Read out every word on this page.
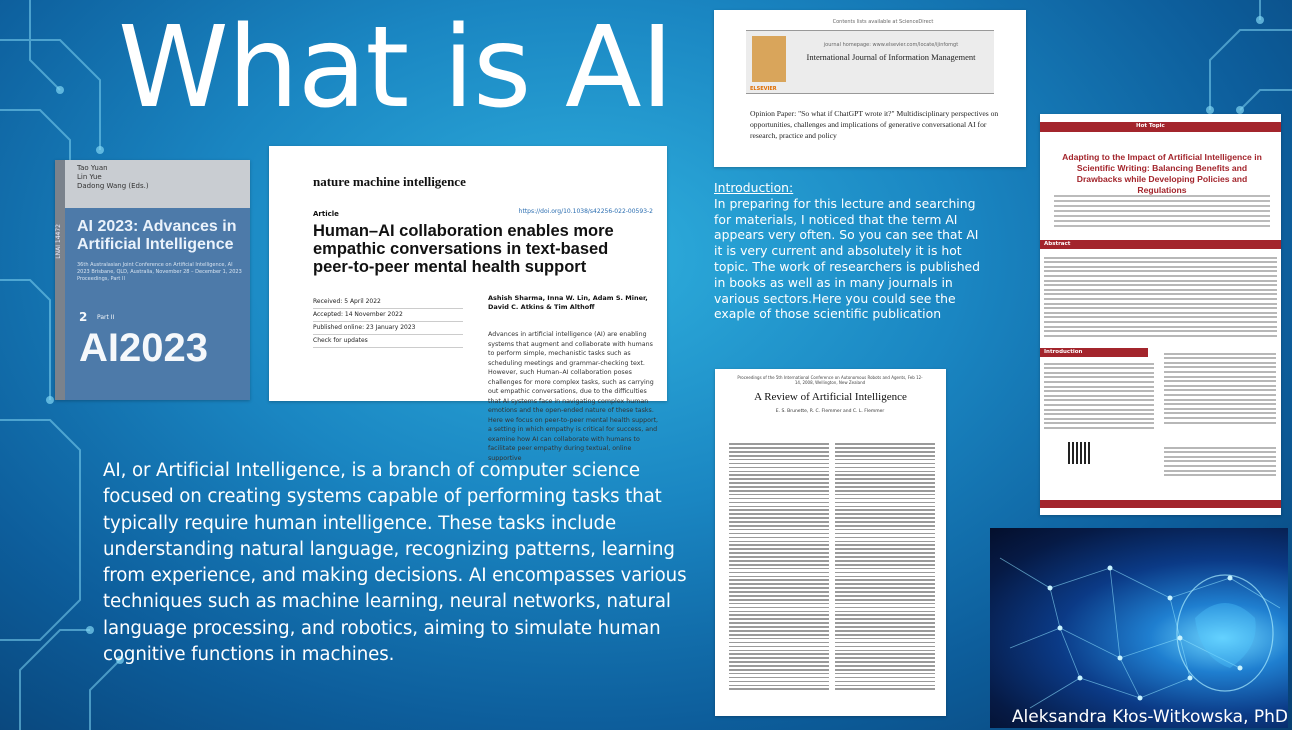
What is AI
LNAI 14472
Tao Yuan
Lin Yue
Dadong Wang (Eds.)
AI 2023: Advances in Artificial Intelligence
36th Australasian Joint Conference on Artificial Intelligence, AI 2023 Brisbane, QLD, Australia, November 28 – December 1, 2023 Proceedings, Part II
2 Part II
AI2023
nature machine intelligence
Article	https://doi.org/10.1038/s42256-022-00593-2
Human–AI collaboration enables more empathic conversations in text-based peer-to-peer mental health support
Received: 5 April 2022
Accepted: 14 November 2022
Published online: 23 January 2023
Check for updates
Ashish Sharma, Inna W. Lin, Adam S. Miner, David C. Atkins & Tim Althoff
Advances in artificial intelligence (AI) are enabling systems that augment and collaborate with humans to perform simple, mechanistic tasks such as scheduling meetings and grammar-checking text. However, such Human–AI collaboration poses challenges for more complex tasks, such as carrying out empathic conversations, due to the difficulties that AI systems face in navigating complex human emotions and the open-ended nature of these tasks. Here we focus on peer-to-peer mental health support, a setting in which empathy is critical for success, and examine how AI can collaborate with humans to facilitate peer empathy during textual, online supportive
Contents lists available at ScienceDirect
ELSEVIER
journal homepage: www.elsevier.com/locate/ijinfomgt
International Journal of Information Management
Opinion Paper: "So what if ChatGPT wrote it?" Multidisciplinary perspectives on opportunities, challenges and implications of generative conversational AI for research, practice and policy
Hot Topic
Adapting to the Impact of Artificial Intelligence in Scientific Writing: Balancing Benefits and Drawbacks while Developing Policies and Regulations
Abstract
Introduction
Introduction:
In preparing for this lecture and searching for materials, I noticed that the term AI appears very often. So you can see that AI it is very current and absolutely it is hot topic. The work of researchers is published in books as well as in many journals in various sectors.Here you could see the exaple of those scientific publication
Proceedings of the 5th International Conference on Autonomous Robots and Agents, Feb 12-14, 2008, Wellington, New Zealand
A Review of Artificial Intelligence
E. S. Brunette, R. C. Flemmer and C. L. Flemmer
AI, or Artificial Intelligence, is a branch of computer science focused on creating systems capable of performing tasks that typically require human intelligence. These tasks include understanding natural language, recognizing patterns, learning from experience, and making decisions. AI encompasses various techniques such as machine learning, neural networks, natural language processing, and robotics, aiming to simulate human cognitive functions in machines.
Aleksandra Kłos-Witkowska, PhD
